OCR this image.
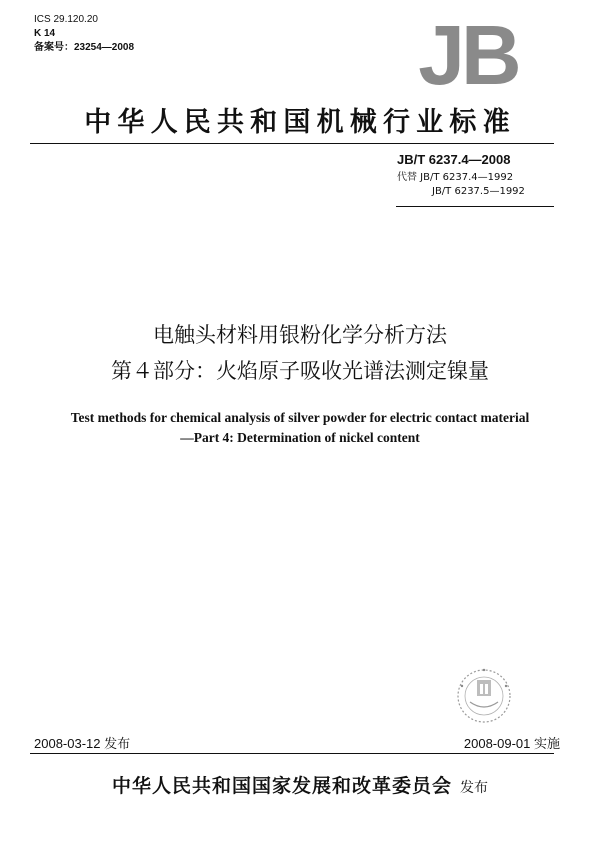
ICS 29.120.20
K 14
备案号：23254—2008	JB
中华人民共和国机械行业标准
JB/T 6237.4—2008
代替 JB/T 6237.4—1992
JB/T 6237.5—1992
电触头材料用银粉化学分析方法
第４部分：火焰原子吸收光谱法测定镍量
Test methods for chemical analysis of silver powder for electric contact material
—Part 4: Determination of nickel content
2008-03-12 发布	2008-09-01 实施
中华人民共和国国家发展和改革委员会 发布
